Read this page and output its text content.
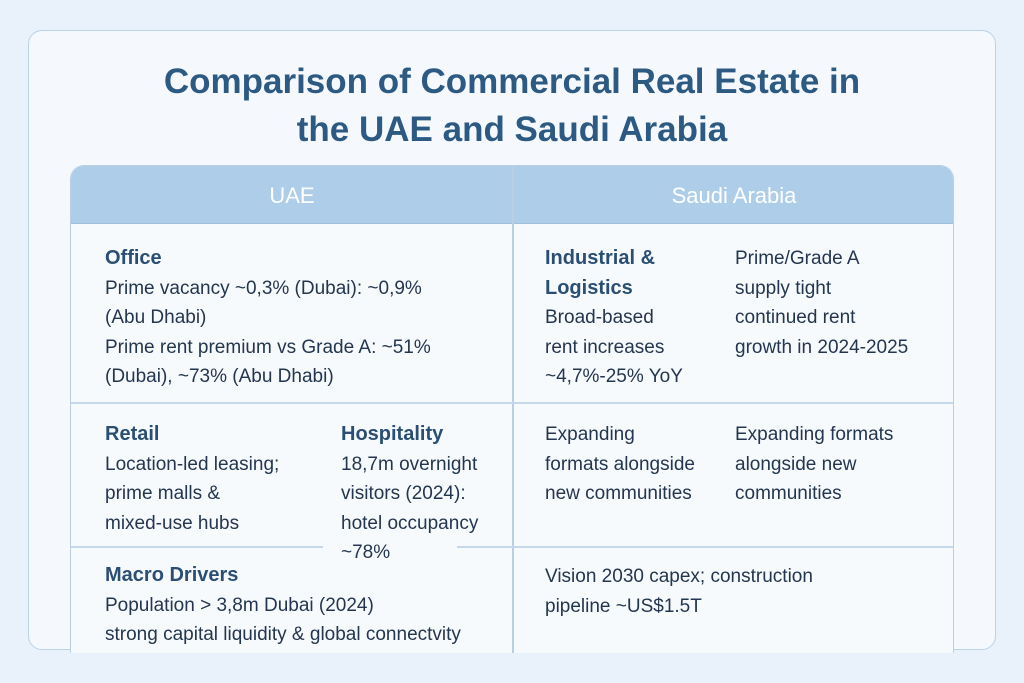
Comparison of Commercial Real Estate in
the UAE and Saudi Arabia
UAE	Saudi Arabia
Office
Prime vacancy ~0,3% (Dubai): ~0,9%
(Abu Dhabi)
Prime rent premium vs Grade A: ~51%
(Dubai), ~73% (Abu Dhabi)
Industrial &
Logistics
Broad-based
rent increases
~4,7%-25% YoY
Prime/Grade A
supply tight
continued rent
growth in 2024-2025
Retail
Location-led leasing;
prime malls &
mixed-use hubs
Hospitality
18,7m overnight
visitors (2024):
hotel occupancy
~78%
Expanding
formats alongside
new communities
Expanding formats
alongside new
communities
Macro Drivers
Population > 3,8m Dubai (2024)
strong capital liquidity & global connectvity
Vision 2030 capex; construction
pipeline ~US$1.5T
